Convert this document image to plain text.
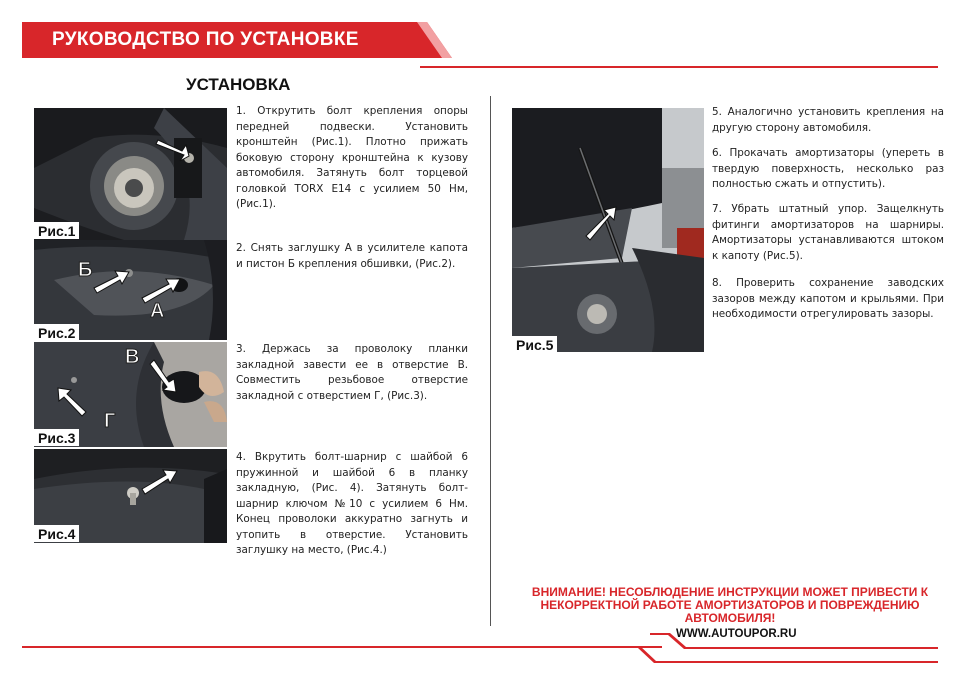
РУКОВОДСТВО ПО УСТАНОВКЕ
УСТАНОВКА
Рис.1
Б
А
Рис.2
В
Г
Рис.3
Рис.4
Рис.5
1. Открутить болт крепления опоры передней подвески. Установить кронштейн (Рис.1). Плотно прижать боковую сторону кронштейна к кузову автомобиля. Затянуть болт торцевой головкой TORX E14 с усилием 50 Нм, (Рис.1).
2. Снять заглушку А в усилителе капота и пистон Б крепления обшивки, (Рис.2).
3. Держась за проволоку планки закладной завести ее в отверстие В. Совместить резьбовое отверстие закладной с отверстием Г, (Рис.3).
4. Вкрутить болт-шарнир с шайбой 6 пружинной и шайбой 6 в планку закладную, (Рис. 4). Затянуть болт-шарнир ключом №10 с усилием 6 Нм. Конец проволоки аккуратно загнуть и утопить в отверстие. Установить заглушку на место, (Рис.4.)
5. Аналогично установить крепления на другую сторону автомобиля.
6. Прокачать амортизаторы (упереть в твердую поверхность, несколько раз полностью сжать и отпустить).
7. Убрать штатный упор. Защелкнуть фитинги амортизаторов на шарниры. Амортизаторы устанавливаются штоком к капоту (Рис.5).
8. Проверить сохранение заводских зазоров между капотом и крыльями. При необходимости отрегулировать зазоры.
ВНИМАНИЕ! НЕСОБЛЮДЕНИЕ ИНСТРУКЦИИ МОЖЕТ ПРИВЕСТИ К НЕКОРРЕКТНОЙ РАБОТЕ АМОРТИЗАТОРОВ И ПОВРЕЖДЕНИЮ АВТОМОБИЛЯ!
WWW.AUTOUPOR.RU
